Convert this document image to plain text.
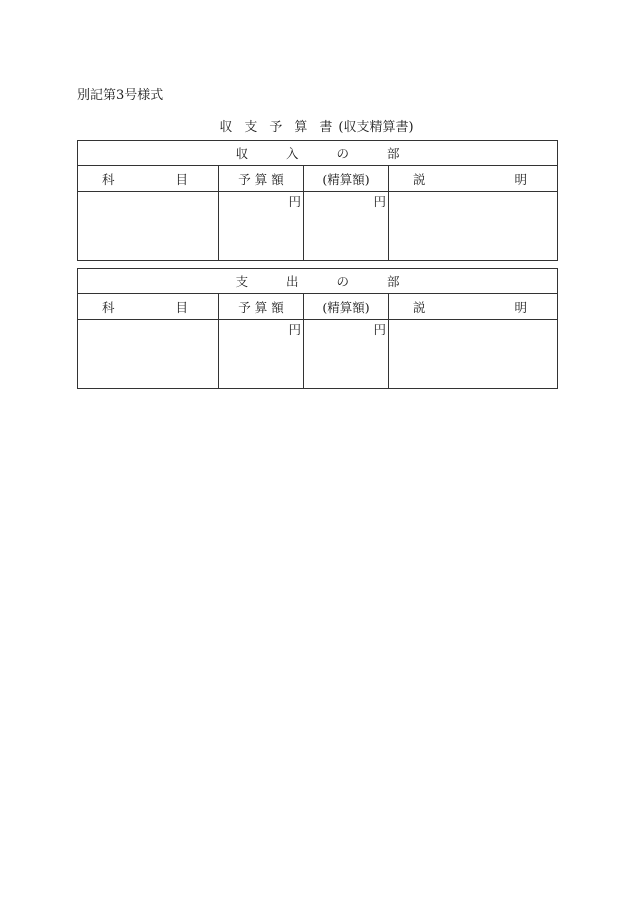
別記第3号様式
収支予算書(収支精算書)
収 入 の 部			

科 目	予 算 額	(精算額)	説 明

	円	円	
支 出 の 部			

科 目	予 算 額	(精算額)	説 明

	円	円	
